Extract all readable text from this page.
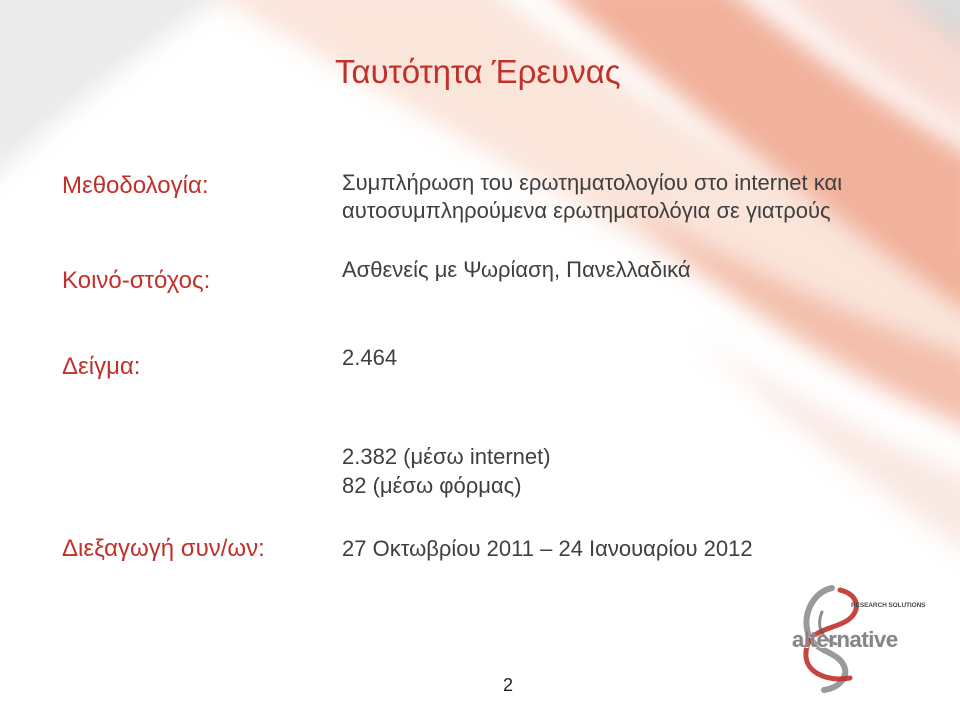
Ταυτότητα Έρευνας
Μεθοδολογία:	Συμπλήρωση του ερωτηματολογίου στο internet και
αυτοσυμπληρούμενα ερωτηματολόγια σε γιατρούς
Κοινό-στόχος:	Ασθενείς με Ψωρίαση, Πανελλαδικά
Δείγμα:	2.464
2.382 (μέσω internet)
82 (μέσω φόρμας)
Διεξαγωγή συν/ων:	27 Οκτωβρίου 2011 – 24 Ιανουαρίου 2012
2
RESEARCH SOLUTIONS
alternative
